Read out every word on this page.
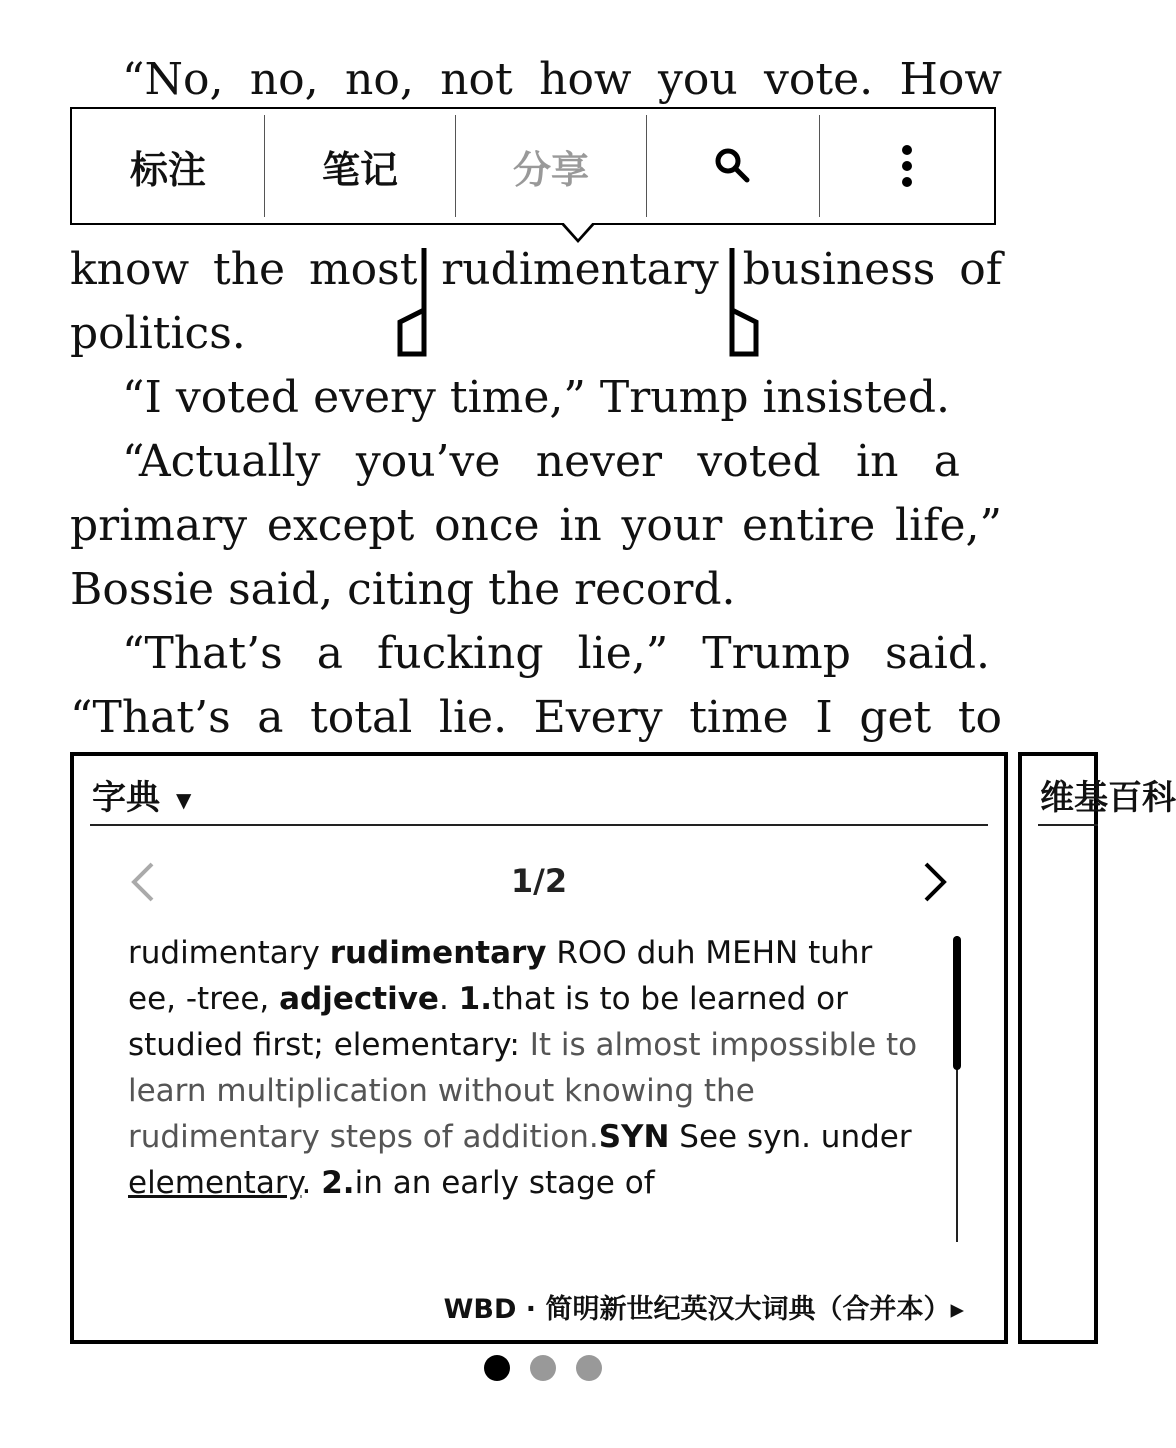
“No, no, no, not how you vote. How
know the most rudimentary business of
politics.
“I voted every time,” Trump insisted.
“Actually you’ve never voted in a
primary except once in your entire life,”
Bossie said, citing the record.
“That’s a fucking lie,” Trump said.
“That’s a total lie. Every time I get to
标注	笔记	分享
字典 ▼
1/2
rudimentary rudimentary ROO duh MEHN tuhr ee, -tree, adjective. 1.that is to be learned or studied first; elementary: It is almost impossible to learn multiplication without knowing the rudimentary steps of addition.SYN See syn. under elementary. 2.in an early stage of
WBD · 简明新世纪英汉大词典（合并本）▸
维基百科
